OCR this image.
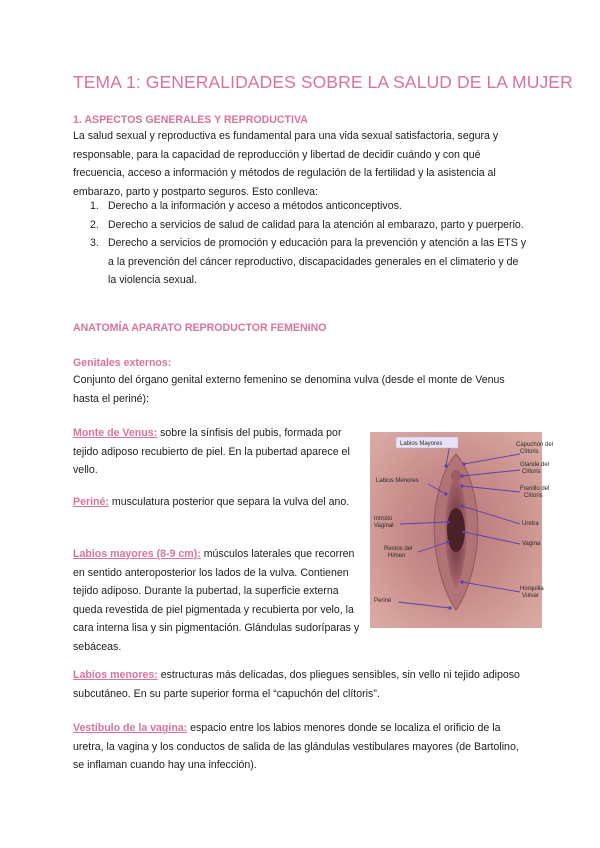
TEMA 1: GENERALIDADES SOBRE LA SALUD DE LA MUJER
1. ASPECTOS GENERALES Y REPRODUCTIVA
La salud sexual y reproductiva es fundamental para una vida sexual satisfactoria, segura y responsable, para la capacidad de reproducción y libertad de decidir cuándo y con qué frecuencia, acceso a información y métodos de regulación de la fertilidad y la asistencia al embarazo, parto y postparto seguros. Esto conlleva:
1. Derecho a la información y acceso a métodos anticonceptivos.
2. Derecho a servicios de salud de calidad para la atención al embarazo, parto y puerperio.
3. Derecho a servicios de promoción y educación para la prevención y atención a las ETS y a la prevención del cáncer reproductivo, discapacidades generales en el climaterio y de la violencia sexual.
ANATOMÍA APARATO REPRODUCTOR FEMENINO
Genitales externos:
Conjunto del órgano genital externo femenino se denomina vulva (desde el monte de Venus hasta el periné):
Monte de Venus: sobre la sínfisis del pubis, formada por tejido adiposo recubierto de piel. En la pubertad aparece el vello.
Periné: musculatura posterior que separa la vulva del ano.
Labios mayores (8-9 cm): músculos laterales que recorren en sentido anteroposterior los lados de la vulva. Contienen tejido adiposo. Durante la pubertad, la superficie externa queda revestida de piel pigmentada y recubierta por velo, la cara interna lisa y sin pigmentación. Glándulas sudoríparas y sebáceas.
Labios menores: estructuras más delicadas, dos pliegues sensibles, sin vello ni tejido adiposo subcutáneo. En su parte superior forma el “capuchón del clítoris”.
Vestíbulo de la vagina: espacio entre los labios menores donde se localiza el orificio de la uretra, la vagina y los conductos de salida de las glándulas vestibulares mayores (de Bartolino, se inflaman cuando hay una infección).
Labios Mayores	Capuchón del
Clítoris
Labios Menores
Glande del
Clítoris
Frenillo del
Clítoris
Introito
Vaginal	Uretra
Restos del
Himen
Vagina
Horquilla
Vulvar
Periné
